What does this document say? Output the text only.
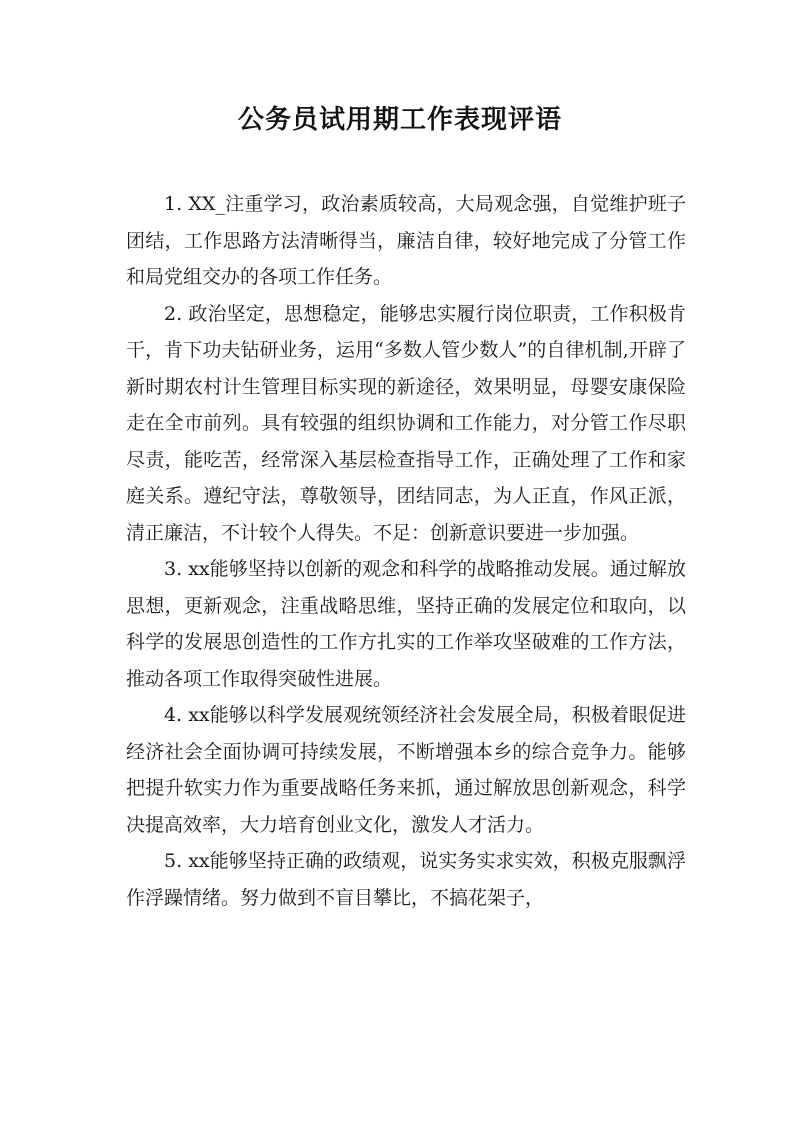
公务员试用期工作表现评语

1. XX_注重学习，政治素质较高，大局观念强，自觉维护班子团结，工作思路方法清晰得当，廉洁自律，较好地完成了分管工作和局党组交办的各项工作任务。

2. 政治坚定，思想稳定，能够忠实履行岗位职责，工作积极肯干，肯下功夫钻研业务，运用“多数人管少数人”的自律机制,开辟了新时期农村计生管理目标实现的新途径，效果明显，母婴安康保险走在全市前列。具有较强的组织协调和工作能力，对分管工作尽职尽责，能吃苦，经常深入基层检查指导工作，正确处理了工作和家庭关系。遵纪守法，尊敬领导，团结同志，为人正直，作风正派，清正廉洁，不计较个人得失。不足：创新意识要进一步加强。

3. xx能够坚持以创新的观念和科学的战略推动发展。通过解放思想，更新观念，注重战略思维，坚持正确的发展定位和取向，以科学的发展思创造性的工作方扎实的工作举攻坚破难的工作方法，推动各项工作取得突破性进展。

4. xx能够以科学发展观统领经济社会发展全局，积极着眼促进经济社会全面协调可持续发展，不断增强本乡的综合竞争力。能够把提升软实力作为重要战略任务来抓，通过解放思创新观念，科学决提高效率，大力培育创业文化，激发人才活力。

5. xx能够坚持正确的政绩观，说实务实求实效，积极克服飘浮作浮躁情绪。努力做到不盲目攀比，不搞花架子，
